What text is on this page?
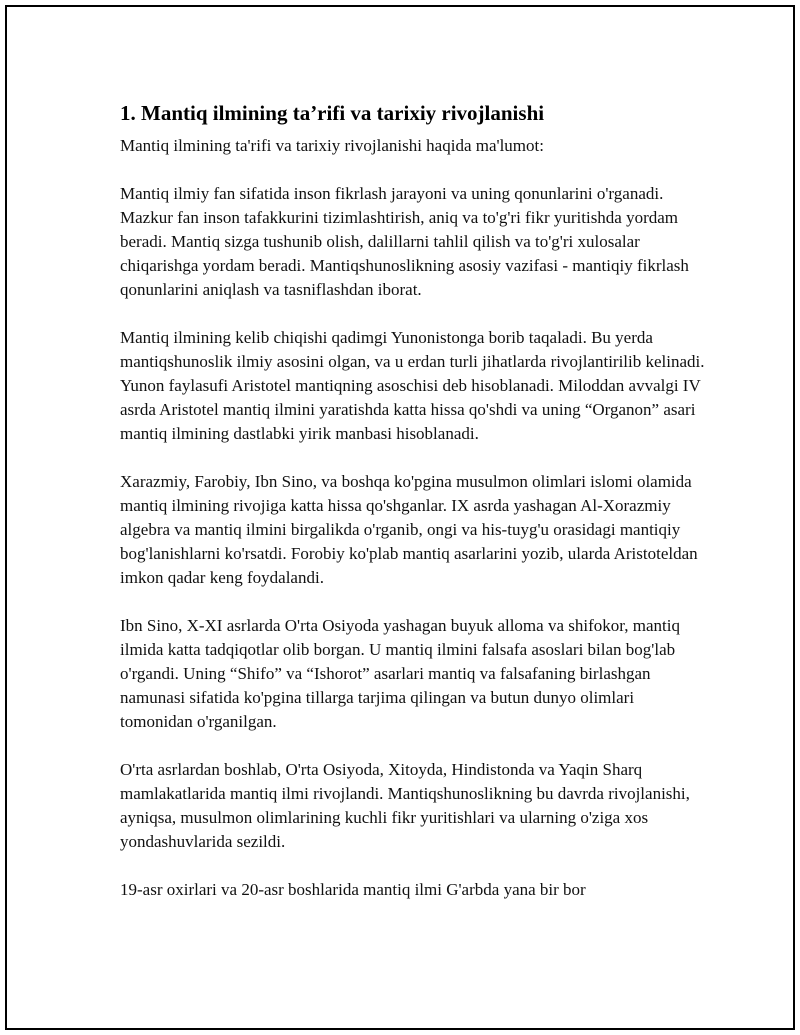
1. Mantiq ilmining ta’rifi va tarixiy rivojlanishi

Mantiq ilmining ta'rifi va tarixiy rivojlanishi haqida ma'lumot:

Mantiq ilmiy fan sifatida inson fikrlash jarayoni va uning qonunlarini o'rganadi. Mazkur fan inson tafakkurini tizimlashtirish, aniq va to'g'ri fikr yuritishda yordam beradi. Mantiq sizga tushunib olish, dalillarni tahlil qilish va to'g'ri xulosalar chiqarishga yordam beradi. Mantiqshunoslikning asosiy vazifasi - mantiqiy fikrlash qonunlarini aniqlash va tasniflashdan iborat.

Mantiq ilmining kelib chiqishi qadimgi Yunonistonga borib taqaladi. Bu yerda mantiqshunoslik ilmiy asosini olgan, va u erdan turli jihatlarda rivojlantirilib kelinadi. Yunon faylasufi Aristotel mantiqning asoschisi deb hisoblanadi. Miloddan avvalgi IV asrda Aristotel mantiq ilmini yaratishda katta hissa qo'shdi va uning “Organon” asari mantiq ilmining dastlabki yirik manbasi hisoblanadi.

Xarazmiy, Farobiy, Ibn Sino, va boshqa ko'pgina musulmon olimlari islomi olamida mantiq ilmining rivojiga katta hissa qo'shganlar. IX asrda yashagan Al-Xorazmiy algebra va mantiq ilmini birgalikda o'rganib, ongi va his-tuyg'u orasidagi mantiqiy bog'lanishlarni ko'rsatdi. Forobiy ko'plab mantiq asarlarini yozib, ularda Aristoteldan imkon qadar keng foydalandi.

Ibn Sino, X-XI asrlarda O'rta Osiyoda yashagan buyuk alloma va shifokor, mantiq ilmida katta tadqiqotlar olib borgan. U mantiq ilmini falsafa asoslari bilan bog'lab o'rgandi. Uning “Shifo” va “Ishorot” asarlari mantiq va falsafaning birlashgan namunasi sifatida ko'pgina tillarga tarjima qilingan va butun dunyo olimlari tomonidan o'rganilgan.

O'rta asrlardan boshlab, O'rta Osiyoda, Xitoyda, Hindistonda va Yaqin Sharq mamlakatlarida mantiq ilmi rivojlandi. Mantiqshunoslikning bu davrda rivojlanishi, ayniqsa, musulmon olimlarining kuchli fikr yuritishlari va ularning o'ziga xos yondashuvlarida sezildi.

19-asr oxirlari va 20-asr boshlarida mantiq ilmi G'arbda yana bir bor
